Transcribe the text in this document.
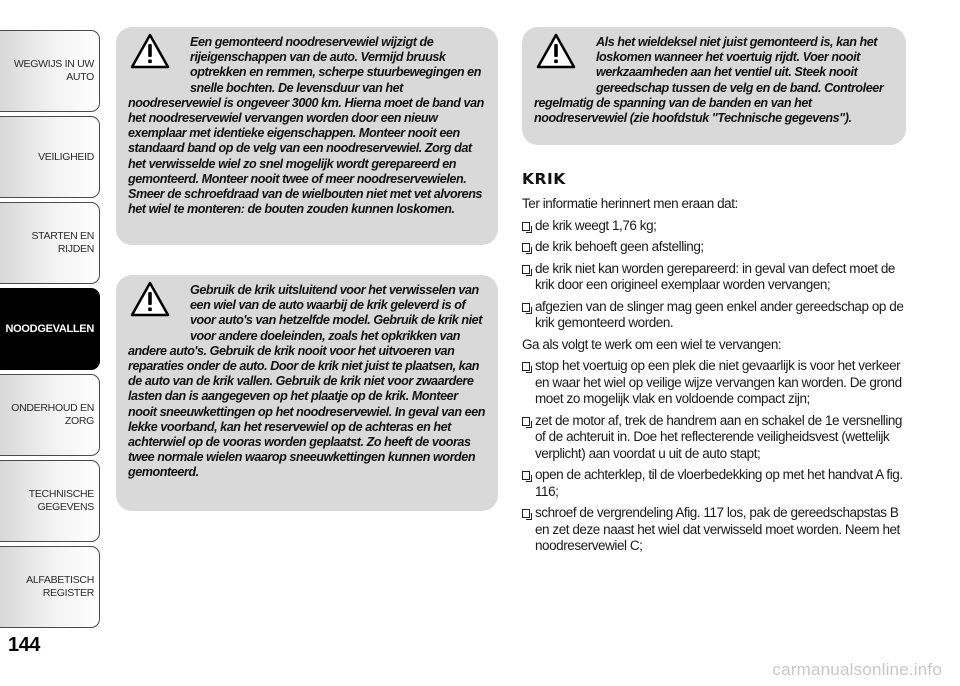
WEGWIJS IN UW AUTO
VEILIGHEID
STARTEN EN RIJDEN
NOODGEVALLEN
ONDERHOUD EN ZORG
TECHNISCHE GEGEVENS
ALFABETISCH REGISTER
144

Een gemonteerd noodreservewiel wijzigt de rijeigenschappen van de auto. Vermijd bruusk optrekken en remmen, scherpe stuurbewegingen en snelle bochten. De levensduur van het noodreservewiel is ongeveer 3000 km. Hierna moet de band van het noodreservewiel vervangen worden door een nieuw exemplaar met identieke eigenschappen. Monteer nooit een standaard band op de velg van een noodreservewiel. Zorg dat het verwisselde wiel zo snel mogelijk wordt gerepareerd en gemonteerd. Monteer nooit twee of meer noodreservewielen. Smeer de schroefdraad van de wielbouten niet met vet alvorens het wiel te monteren: de bouten zouden kunnen loskomen.

Gebruik de krik uitsluitend voor het verwisselen van een wiel van de auto waarbij de krik geleverd is of voor auto's van hetzelfde model. Gebruik de krik niet voor andere doeleinden, zoals het opkrikken van andere auto's. Gebruik de krik nooit voor het uitvoeren van reparaties onder de auto. Door de krik niet juist te plaatsen, kan de auto van de krik vallen. Gebruik de krik niet voor zwaardere lasten dan is aangegeven op het plaatje op de krik. Monteer nooit sneeuwkettingen op het noodreservewiel. In geval van een lekke voorband, kan het reservewiel op de achteras en het achterwiel op de vooras worden geplaatst. Zo heeft de vooras twee normale wielen waarop sneeuwkettingen kunnen worden gemonteerd.

Als het wieldeksel niet juist gemonteerd is, kan het loskomen wanneer het voertuig rijdt. Voer nooit werkzaamheden aan het ventiel uit. Steek nooit gereedschap tussen de velg en de band. Controleer regelmatig de spanning van de banden en van het noodreservewiel (zie hoofdstuk "Technische gegevens").

KRIK

Ter informatie herinnert men eraan dat:

de krik weegt 1,76 kg;
de krik behoeft geen afstelling;
de krik niet kan worden gerepareerd: in geval van defect moet de krik door een origineel exemplaar worden vervangen;
afgezien van de slinger mag geen enkel ander gereedschap op de krik gemonteerd worden.

Ga als volgt te werk om een wiel te vervangen:

stop het voertuig op een plek die niet gevaarlijk is voor het verkeer en waar het wiel op veilige wijze vervangen kan worden. De grond moet zo mogelijk vlak en voldoende compact zijn;
zet de motor af, trek de handrem aan en schakel de 1e versnelling of de achteruit in. Doe het reflecterende veiligheidsvest (wettelijk verplicht) aan voordat u uit de auto stapt;
open de achterklep, til de vloerbedekking op met het handvat A fig. 116;
schroef de vergrendeling Afig. 117 los, pak de gereedschapstas B en zet deze naast het wiel dat verwisseld moet worden. Neem het noodreservewiel C;
carmanualsonline.info
